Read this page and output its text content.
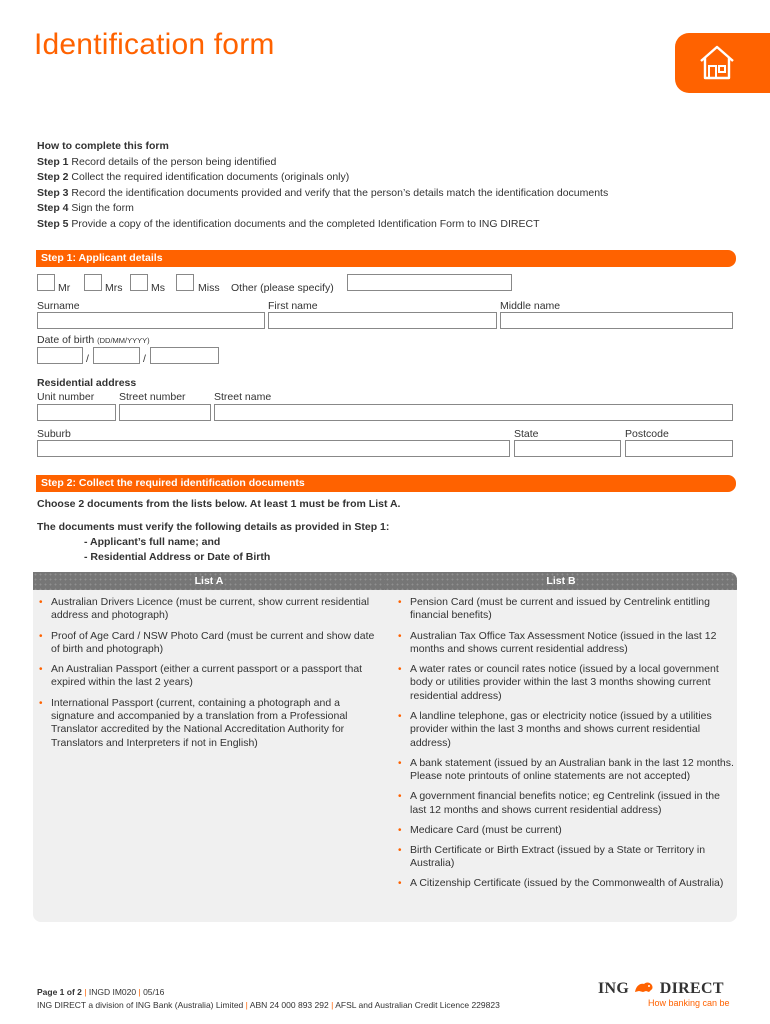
Identification form
How to complete this form
Step 1 Record details of the person being identified
Step 2 Collect the required identification documents (originals only)
Step 3 Record the identification documents provided and verify that the person’s details match the identification documents
Step 4 Sign the form
Step 5 Provide a copy of the identification documents and the completed Identification Form to ING DIRECT
Step 1: Applicant details
Mr	Mrs	Ms	Miss Other (please specify)
Surname	First name	Middle name
Date of birth (DD/MM/YYYY)
/	/
Residential address
Unit number Street number	Street name
Suburb	State	Postcode
Step 2: Collect the required identification documents
Choose 2 documents from the lists below. At least 1 must be from List A.
The documents must verify the following details as provided in Step 1:
- Applicant’s full name; and
- Residential Address or Date of Birth
List A	List B
• Australian Drivers Licence (must be current, show current residential address and photograph)
• Proof of Age Card / NSW Photo Card (must be current and show date of birth and photograph)
• An Australian Passport (either a current passport or a passport that expired within the last 2 years)
• International Passport (current, containing a photograph and a signature and accompanied by a translation from a Professional Translator accredited by the National Accreditation Authority for Translators and Interpreters if not in English)
• Pension Card (must be current and issued by Centrelink entitling financial benefits)
• Australian Tax Office Tax Assessment Notice (issued in the last 12 months and shows current residential address)
• A water rates or council rates notice (issued by a local government body or utilities provider within the last 3 months showing current residential address)
• A landline telephone, gas or electricity notice (issued by a utilities provider within the last 3 months and shows current residential address)
• A bank statement (issued by an Australian bank in the last 12 months. Please note printouts of online statements are not accepted)
• A government financial benefits notice; eg Centrelink (issued in the last 12 months and shows current residential address)
• Medicare Card (must be current)
• Birth Certificate or Birth Extract (issued by a State or Territory in Australia)
• A Citizenship Certificate (issued by the Commonwealth of Australia)
Page 1 of 2 | INGD IM020 | 05/16
ING DIRECT a division of ING Bank (Australia) Limited | ABN 24 000 893 292 | AFSL and Australian Credit Licence 229823
ING DIRECT
How banking can be
